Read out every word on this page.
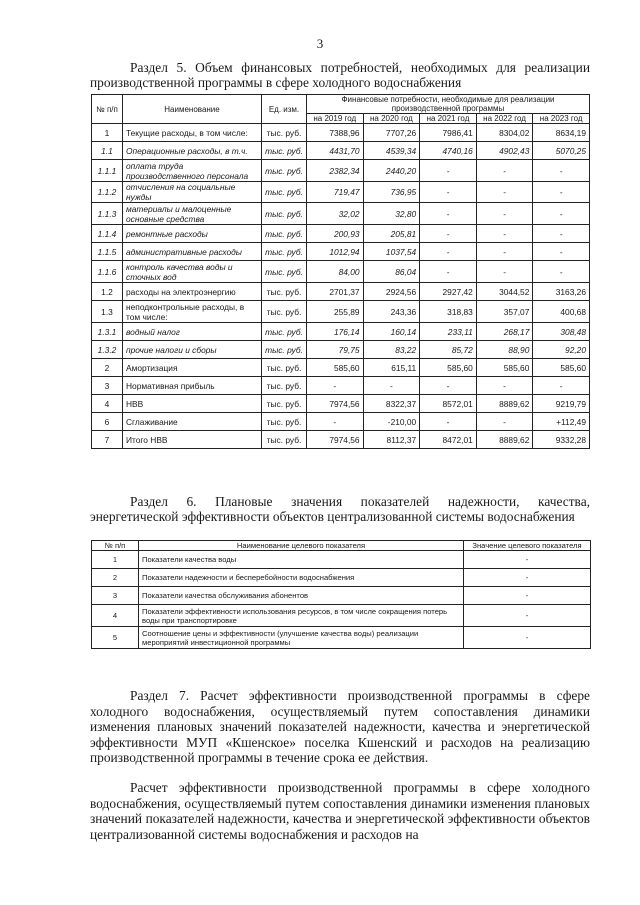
3
Раздел 5. Объем финансовых потребностей, необходимых для реализации производственной программы в сфере холодного водоснабжения
№ п/п	Наименование	Ед. изм.	Финансовые потребности, необходимые для реализации производственной программы				
			на 2019 год	на 2020 год	на 2021 год	на 2022 год	на 2023 год
1	Текущие расходы, в том числе:	тыс. руб.	7388,96	7707,26	7986,41	8304,02	8634,19
1.1	Операционные расходы, в т.ч.	тыс. руб.	4431,70	4539,34	4740,16	4902,43	5070,25
1.1.1	оплата труда производственного персонала	тыс. руб.	2382,34	2440,20	-	-	-
1.1.2	отчисления на социальные нужды	тыс. руб.	719,47	736,95	-	-	-
1.1.3	материалы и малоценные основные средства	тыс. руб.	32,02	32,80	-	-	-
1.1.4	ремонтные расходы	тыс. руб.	200,93	205,81	-	-	-
1.1.5	административные расходы	тыс. руб.	1012,94	1037,54	-	-	-
1.1.6	контроль качества воды и сточных вод	тыс. руб.	84,00	86,04	-	-	-
1.2	расходы на электроэнергию	тыс. руб.	2701,37	2924,56	2927,42	3044,52	3163,26
1.3	неподконтрольные расходы, в том числе:	тыс. руб.	255,89	243,36	318,83	357,07	400,68
1.3.1	водный налог	тыс. руб.	176,14	160,14	233,11	268,17	308,48
1.3.2	прочие налоги и сборы	тыс. руб.	79,75	83,22	85,72	88,90	92,20
2	Амортизация	тыс. руб.	585,60	615,11	585,60	585,60	585,60
3	Нормативная прибыль	тыс. руб.	-	-	-	-	-
4	НВВ	тыс. руб.	7974,56	8322,37	8572,01	8889,62	9219,79
6	Сглаживание	тыс. руб.	-	-210,00	-	-	+112,49
7	Итого НВВ	тыс. руб.	7974,56	8112,37	8472,01	8889,62	9332,28
Раздел 6. Плановые значения показателей надежности, качества, энергетической эффективности объектов централизованной системы водоснабжения
№ п/п	Наименование целевого показателя	Значение целевого показателя
1	Показатели качества воды	-
2	Показатели надежности и бесперебойности водоснабжения	-
3	Показатели качества обслуживания абонентов	-
4	Показатели эффективности использования ресурсов, в том числе сокращения потерь воды при транспортировке	-
5	Соотношение цены и эффективности (улучшение качества воды) реализации мероприятий инвестиционной программы	-
Раздел 7. Расчет эффективности производственной программы в сфере холодного водоснабжения, осуществляемый путем сопоставления динамики изменения плановых значений показателей надежности, качества и энергетической эффективности МУП «Кшенское» поселка Кшенский и расходов на реализацию производственной программы в течение срока ее действия.
Расчет эффективности производственной программы в сфере холодного водоснабжения, осуществляемый путем сопоставления динамики изменения плановых значений показателей надежности, качества и энергетической эффективности объектов централизованной системы водоснабжения и расходов на
